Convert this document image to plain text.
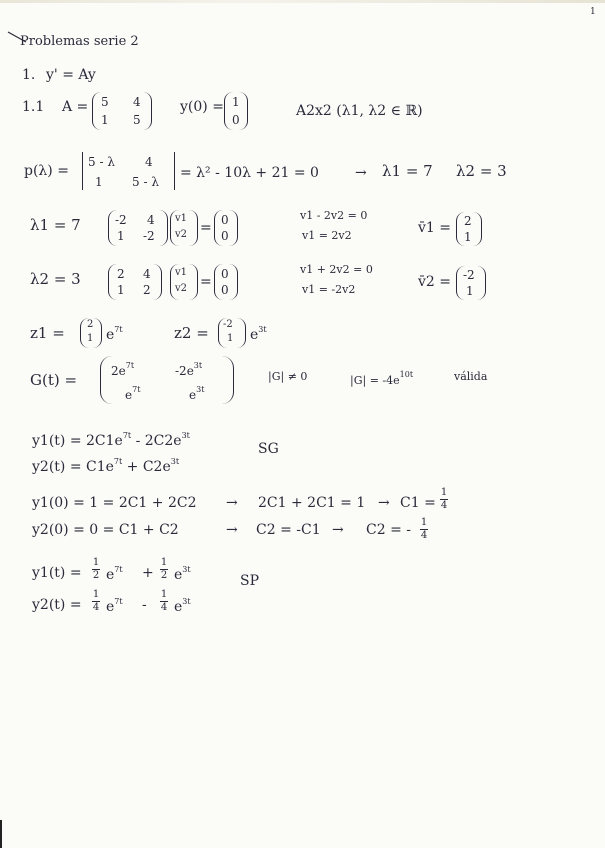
1
Problemas serie 2
1. y' = Ay
1.1 A = 5 4
1 5
y(0) = 1
0
A2x2 (λ1, λ2 ∈ ℝ)
p(λ) =
5 - λ	4
1 5 - λ
= λ² - 10λ + 21 = 0	→ λ1 = 7 λ2 = 3
λ1 = 7	-2 4
1 -2
v1
v2 = 0
0
v1 - 2v2 = 0
v1 = 2v2	v̄1 = 2
1
λ2 = 3	2 4
1 2
v1
v2 = 0
0
v1 + 2v2 = 0
v1 = -2v2	v̄2 = -2
1
z1 = 2
1 $e^{7t}$	z2 = -2
1 $e^{3t}$
G(t) =	$2e^{7t}$	$-2e^{3t}$
$e^{7t}$	$e^{3t}$
|G| ≠ 0	$|G| = -4e^{10t}$	válida
$y1(t) = 2C1e^{7t} - 2C2e^{3t}$
$y2(t) = C1e^{7t} + C2e^{3t}$
SG
y1(0) = 1 = 2C1 + 2C2 → 2C1 + 2C1 = 1 → C1 =
1
4
y2(0) = 0 = C1 + C2	→ C2 = -C1 → C2 = - 1
4
y1(t) =
1
2 $e^{7t}$ +
1
2 $e^{3t}$
y2(t) =
1
4 $e^{7t}$ -
1
4 $e^{3t}$
SP
